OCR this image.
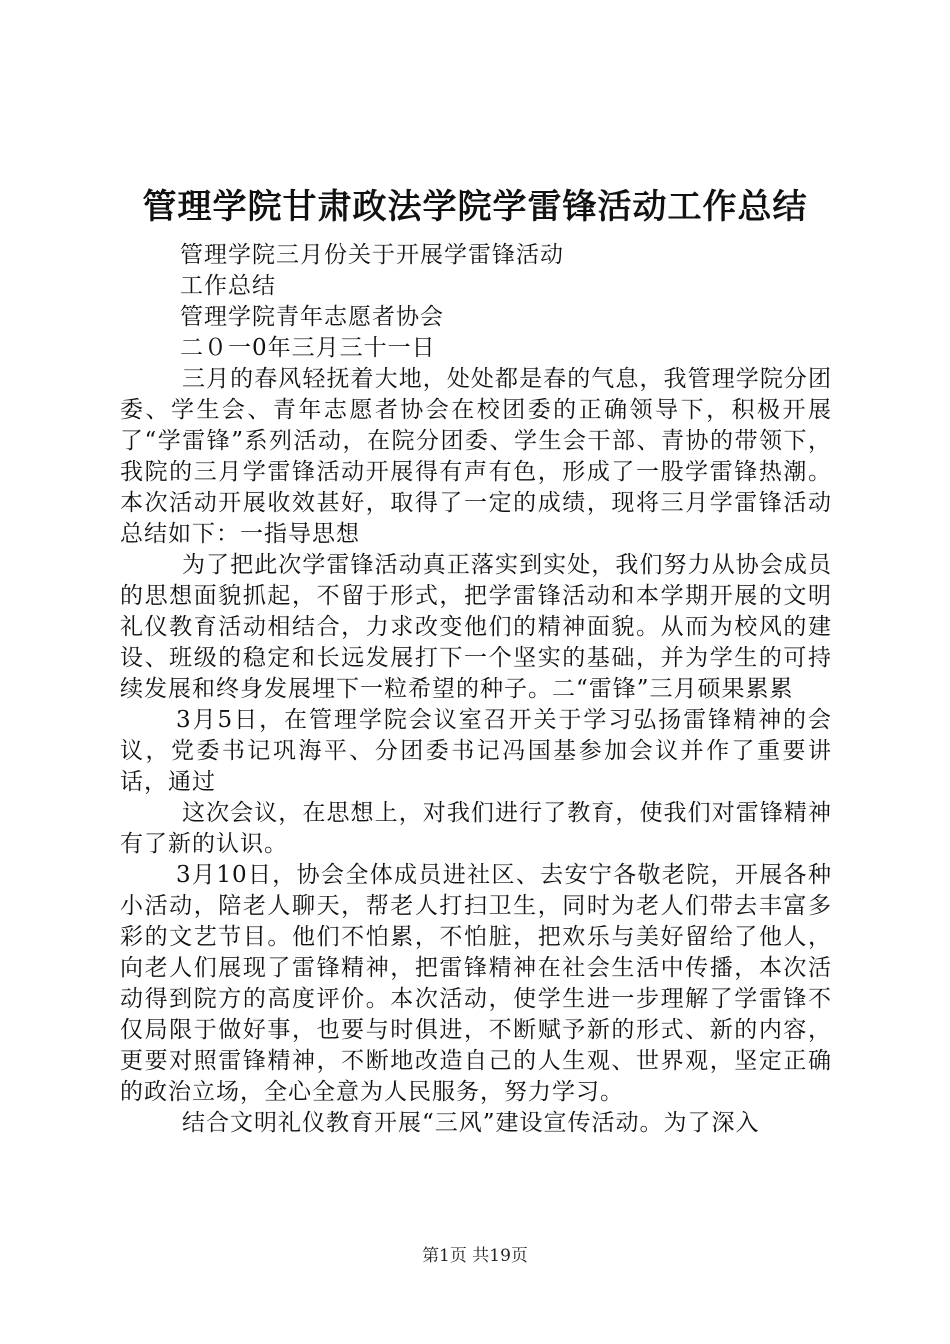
管理学院甘肃政法学院学雷锋活动工作总结

管理学院三月份关于开展学雷锋活动

工作总结

管理学院青年志愿者协会

二０一0年三月三十一日

三月的春风轻抚着大地，处处都是春的气息，我管理学院分团委、学生会、青年志愿者协会在校团委的正确领导下，积极开展了“学雷锋”系列活动，在院分团委、学生会干部、青协的带领下，我院的三月学雷锋活动开展得有声有色，形成了一股学雷锋热潮。本次活动开展收效甚好，取得了一定的成绩，现将三月学雷锋活动总结如下：一指导思想

为了把此次学雷锋活动真正落实到实处，我们努力从协会成员的思想面貌抓起，不留于形式，把学雷锋活动和本学期开展的文明礼仪教育活动相结合，力求改变他们的精神面貌。从而为校风的建设、班级的稳定和长远发展打下一个坚实的基础，并为学生的可持续发展和终身发展埋下一粒希望的种子。二“雷锋”三月硕果累累

3月5日，在管理学院会议室召开关于学习弘扬雷锋精神的会议，党委书记巩海平、分团委书记冯国基参加会议并作了重要讲话，通过

这次会议，在思想上，对我们进行了教育，使我们对雷锋精神有了新的认识。

3月10日，协会全体成员进社区、去安宁各敬老院，开展各种小活动，陪老人聊天，帮老人打扫卫生，同时为老人们带去丰富多彩的文艺节目。他们不怕累，不怕脏，把欢乐与美好留给了他人，向老人们展现了雷锋精神，把雷锋精神在社会生活中传播，本次活动得到院方的高度评价。本次活动，使学生进一步理解了学雷锋不仅局限于做好事，也要与时俱进，不断赋予新的形式、新的内容，更要对照雷锋精神，不断地改造自己的人生观、世界观，坚定正确的政治立场，全心全意为人民服务，努力学习。

结合文明礼仪教育开展“三风”建设宣传活动。为了深入

第1页 共19页
